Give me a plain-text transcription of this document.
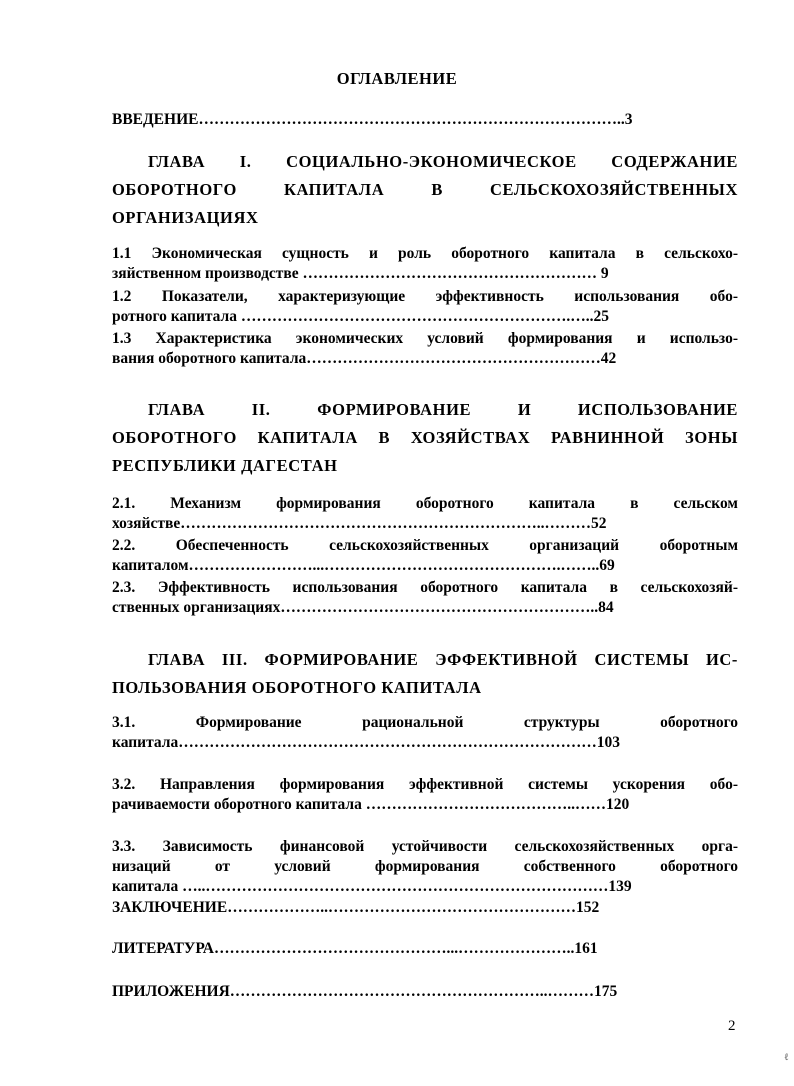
ОГЛАВЛЕНИЕ
ВВЕДЕНИЕ………………………………………………………………………..3
ГЛАВА I. СОЦИАЛЬНО-ЭКОНОМИЧЕСКОЕ СОДЕРЖАНИЕ
ОБОРОТНОГО КАПИТАЛА В СЕЛЬСКОХОЗЯЙСТВЕННЫХ
ОРГАНИЗАЦИЯХ
1.1 Экономическая сущность и роль оборотного капитала в сельскохо-
зяйственном производстве ………………………………………………… 9
1.2 Показатели, характеризующие эффективность использования обо-
ротного капитала ……………………………………………………….…..25
1.3 Характеристика экономических условий формирования и использо-
вания оборотного капитала…………………………………………………42
ГЛАВА II. ФОРМИРОВАНИЕ И ИСПОЛЬЗОВАНИЕ
ОБОРОТНОГО КАПИТАЛА В ХОЗЯЙСТВАХ РАВНИННОЙ ЗОНЫ
РЕСПУБЛИКИ ДАГЕСТАН
2.1. Механизм формирования оборотного капитала в сельском
хозяйстве……………………………………………………………..………52
2.2. Обеспеченность сельскохозяйственных организаций оборотным
капиталом……………………...……………………………………….……..69
2.3. Эффективность использования оборотного капитала в сельскохозяй-
ственных организациях……………………………………………………..84
ГЛАВА III. ФОРМИРОВАНИЕ ЭФФЕКТИВНОЙ СИСТЕМЫ ИС-
ПОЛЬЗОВАНИЯ ОБОРОТНОГО КАПИТАЛА
3.1. Формирование рациональной структуры оборотного
капитала………………………………………………………………………103
3.2. Направления формирования эффективной системы ускорения обо-
рачиваемости оборотного капитала …………………………………..……120
3.3. Зависимость финансовой устойчивости сельскохозяйственных орга-
низаций от условий формирования собственного оборотного
капитала …..……………………………………………………………………139
ЗАКЛЮЧЕНИЕ………………..…………………………………………152
ЛИТЕРАТУРА………………………………………...…………………..161
ПРИЛОЖЕНИЯ……………………………………………………..………175
2
ℓ
